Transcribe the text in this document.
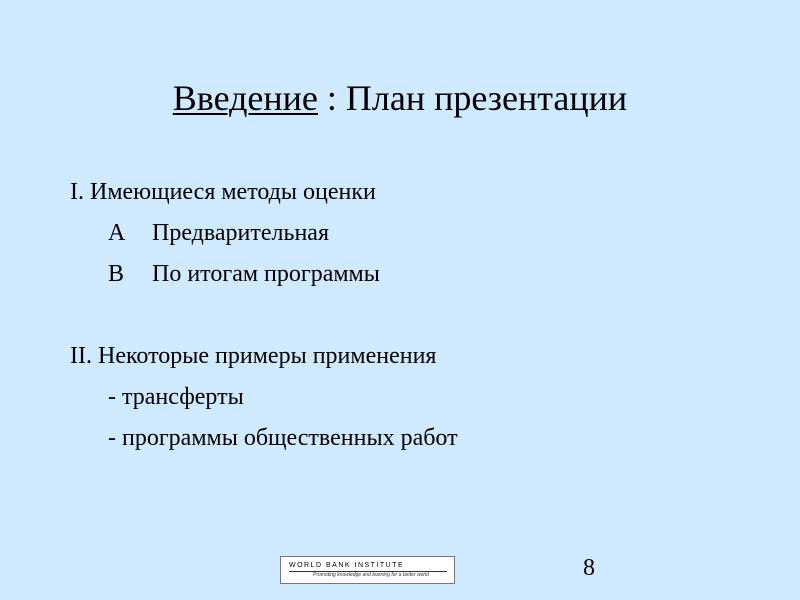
Введение : План презентации
I. Имеющиеся методы оценки
A Предварительная
B По итогам программы
II. Некоторые примеры применения
- трансферты
- программы общественных работ
WORLD BANK INSTITUTE
Promoting knowledge and learning for a better world	8
